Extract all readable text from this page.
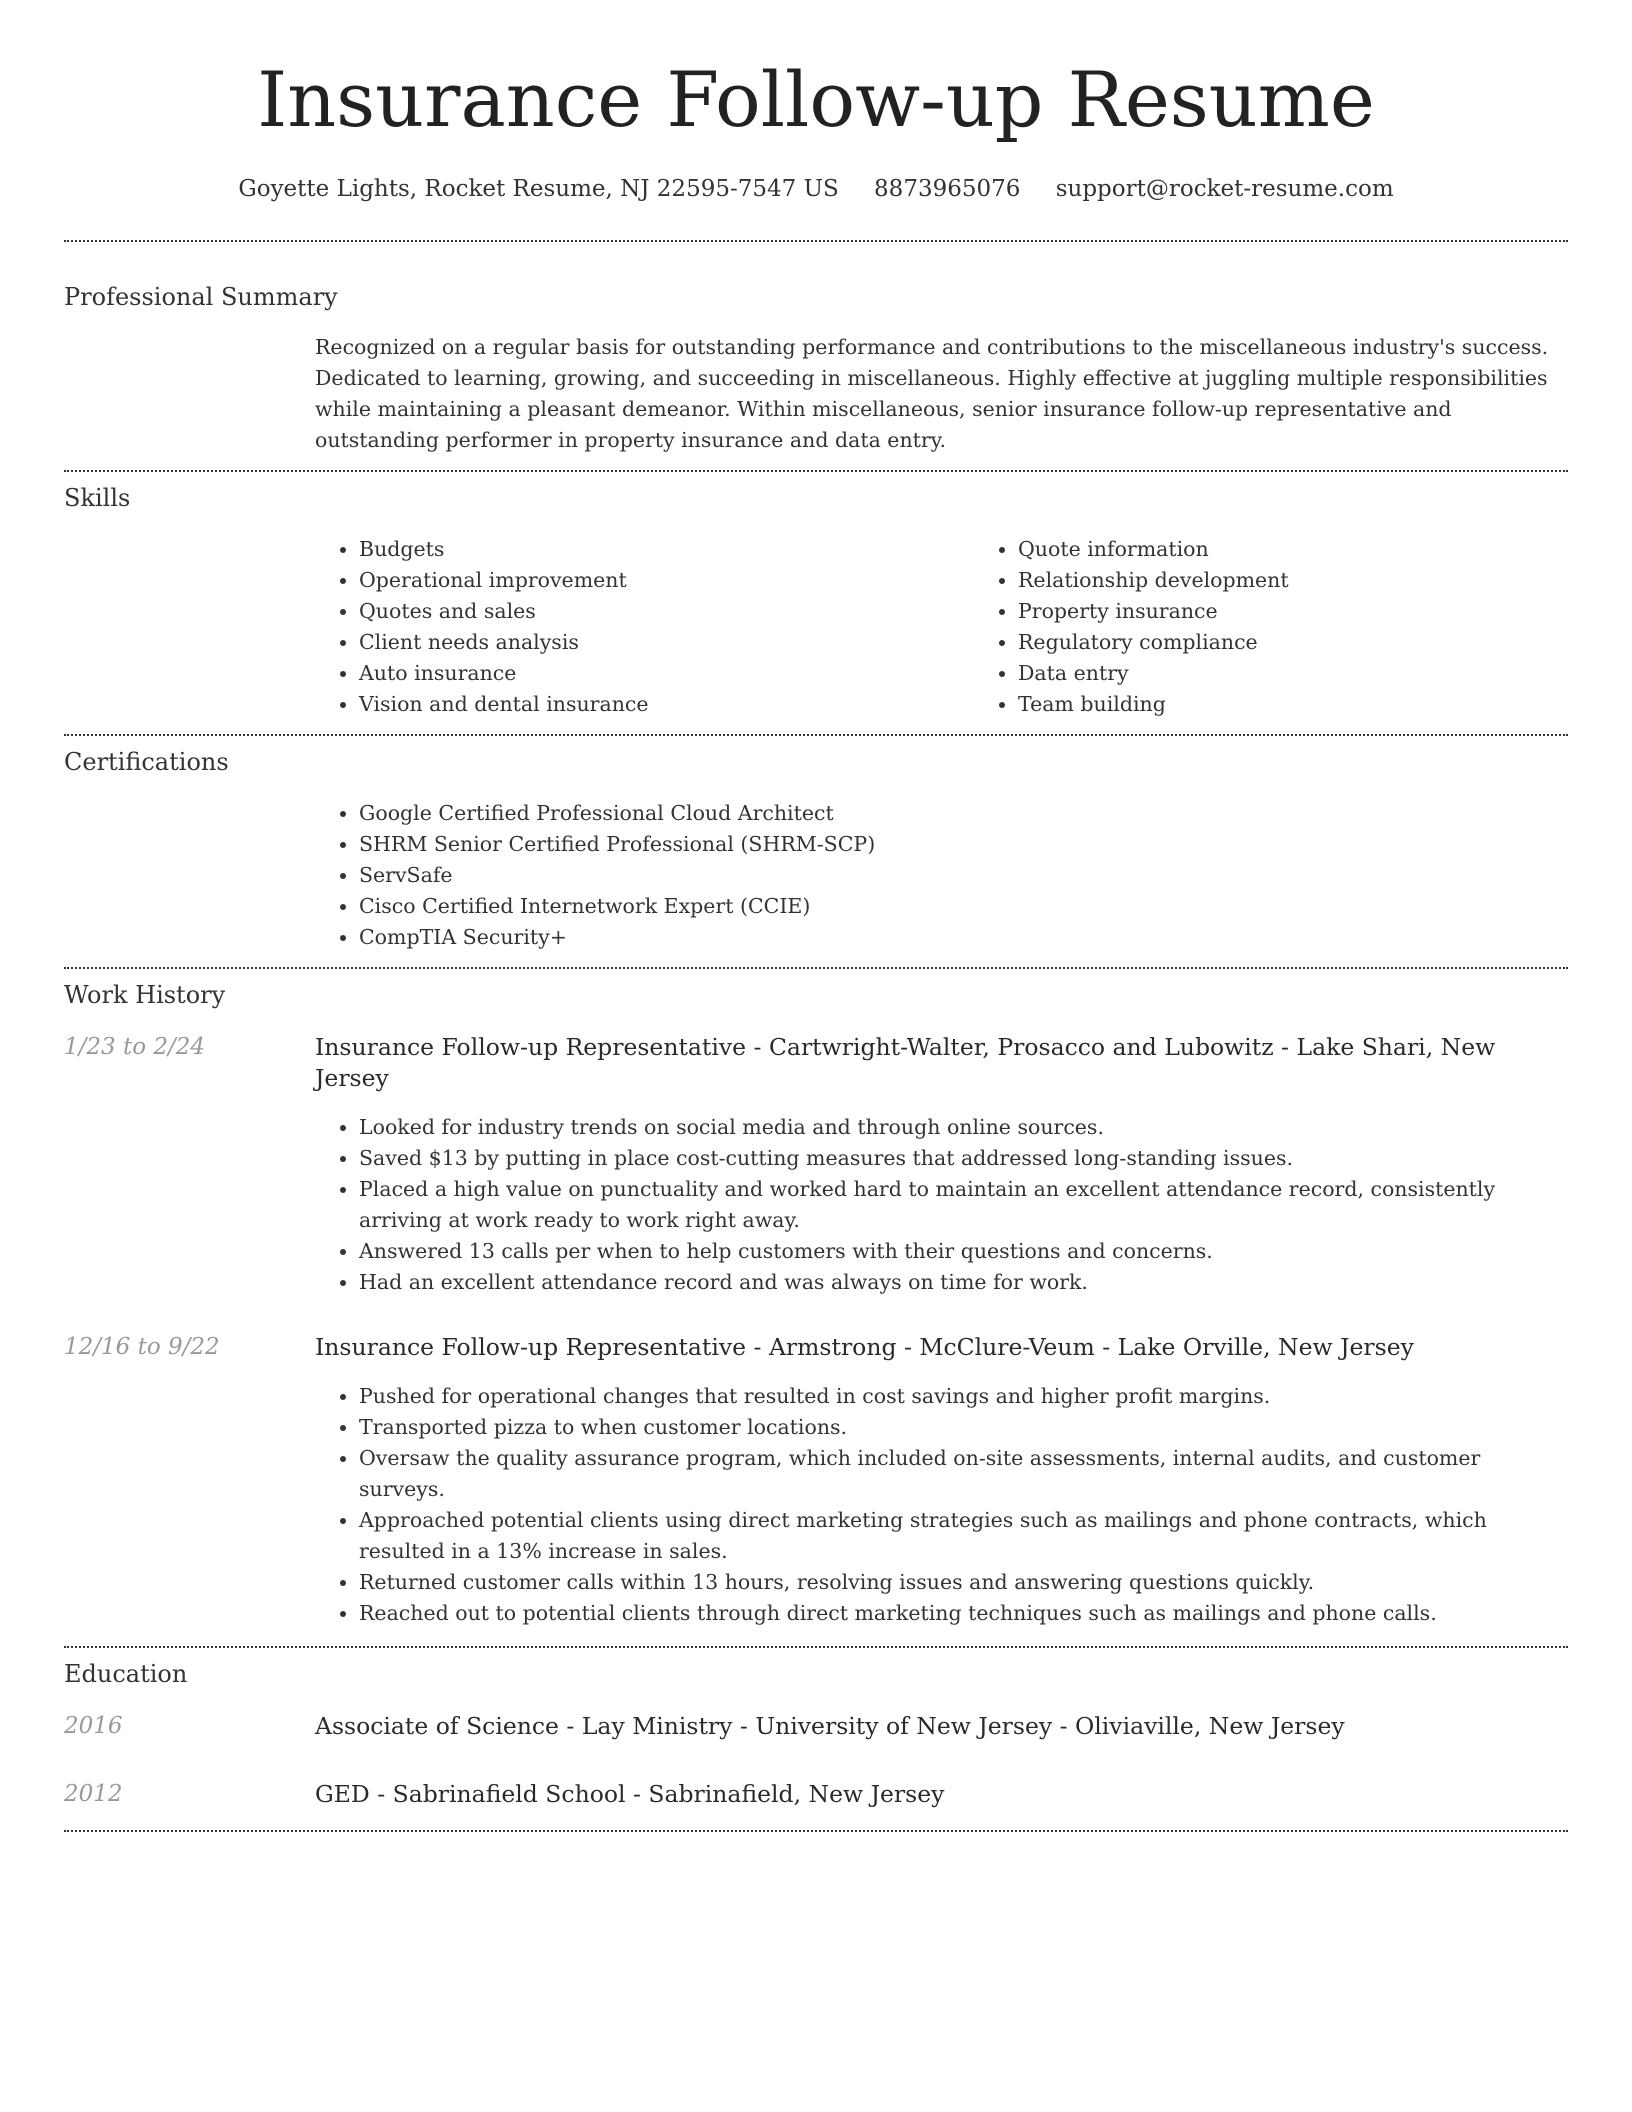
Insurance Follow-up Resume
Goyette Lights, Rocket Resume, NJ 22595-7547 US 8873965076 support@rocket-resume.com
Professional Summary

Recognized on a regular basis for outstanding performance and contributions to the miscellaneous industry's success. Dedicated to learning, growing, and succeeding in miscellaneous. Highly effective at juggling multiple responsibilities while maintaining a pleasant demeanor. Within miscellaneous, senior insurance follow-up representative and outstanding performer in property insurance and data entry.

Skills
• Budgets
• Operational improvement
• Quotes and sales
• Client needs analysis
• Auto insurance
• Vision and dental insurance
• Quote information
• Relationship development
• Property insurance
• Regulatory compliance
• Data entry
• Team building
Certifications
• Google Certified Professional Cloud Architect
• SHRM Senior Certified Professional (SHRM-SCP)
• ServSafe
• Cisco Certified Internetwork Expert (CCIE)
• CompTIA Security+
Work History
1/23 to 2/24	Insurance Follow-up Representative - Cartwright-Walter, Prosacco and Lubowitz - Lake Shari, New Jersey
• Looked for industry trends on social media and through online sources.
• Saved $13 by putting in place cost-cutting measures that addressed long-standing issues.
• Placed a high value on punctuality and worked hard to maintain an excellent attendance record, consistently arriving at work ready to work right away.
• Answered 13 calls per when to help customers with their questions and concerns.
• Had an excellent attendance record and was always on time for work.
12/16 to 9/22	Insurance Follow-up Representative - Armstrong - McClure-Veum - Lake Orville, New Jersey
• Pushed for operational changes that resulted in cost savings and higher profit margins.
• Transported pizza to when customer locations.
• Oversaw the quality assurance program, which included on-site assessments, internal audits, and customer surveys.
• Approached potential clients using direct marketing strategies such as mailings and phone contracts, which resulted in a 13% increase in sales.
• Returned customer calls within 13 hours, resolving issues and answering questions quickly.
• Reached out to potential clients through direct marketing techniques such as mailings and phone calls.
Education
2016	Associate of Science - Lay Ministry - University of New Jersey - Oliviaville, New Jersey
2012	GED - Sabrinafield School - Sabrinafield, New Jersey
